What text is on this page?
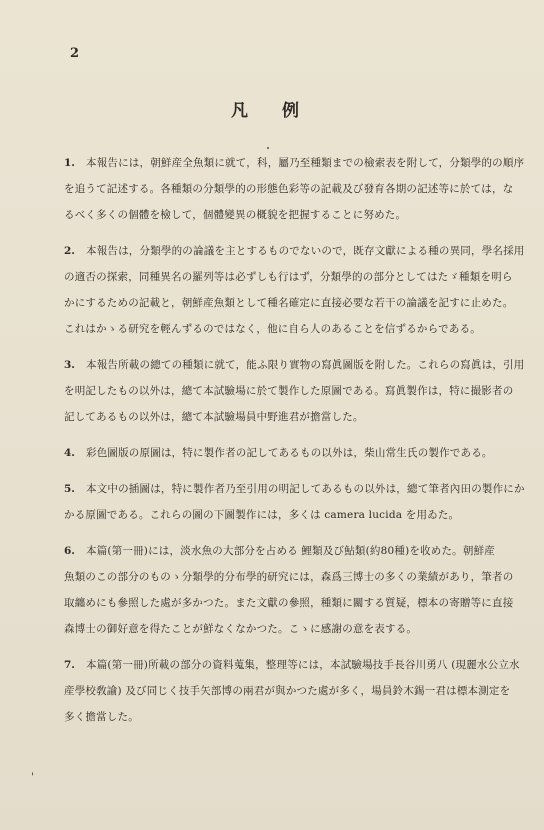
2
凡 例
1. 本報告には，朝鮮産全魚類に就て，科，屬乃至種類までの檢索表を附して，分類學的の順序
を追うて記述する。各種類の分類學的の形態色彩等の記載及び發育各期の記述等に於ては，な
るべく多くの個體を檢して，個體變異の概貌を把握することに努めた。
2. 本報告は，分類學的の論議を主とするものでないので，既存文獻による種の異同，學名採用
の適否の探索，同種異名の羅列等は必ずしも行はず，分類學的の部分としてはたゞ種類を明ら
かにするための記載と，朝鮮産魚類として種名確定に直接必要な若干の論議を記すに止めた。
これはかゝる研究を輕んずるのではなく，他に自ら人のあることを信ずるからである。
3. 本報告所載の總ての種類に就て，能ふ限り實物の寫眞圖版を附した。これらの寫眞は，引用
を明記したもの以外は，總て本試驗場に於て製作した原圖である。寫眞製作は，特に撮影者の
記してあるもの以外は，總て本試驗場員中野進君が擔當した。
4. 彩色圖版の原圖は，特に製作者の記してあるもの以外は，柴山常生氏の製作である。
5. 本文中の插圖は，特に製作者乃至引用の明記してあるもの以外は，總て筆者內田の製作にか
かる原圖である。これらの圖の下圖製作には，多くは camera lucida を用ゐた。
6. 本篇(第一冊)には，淡水魚の大部分を占める 鯉類及び鮎類(約80種)を收めた。朝鮮産
魚類のこの部分のものゝ分類學的分布學的研究には，森爲三博士の多くの業績があり，筆者の
取纏めにも參照した處が多かつた。また文獻の參照，種類に關する質疑，標本の寄贈等に直接
森博士の御好意を得たことが鮮なくなかつた。こゝに感謝の意を表する。
7. 本篇(第一冊)所載の部分の資料蒐集，整理等には，本試驗場技手長谷川勇八 (現麗水公立水
産學校敎諭) 及び同じく技手矢部博の兩君が與かつた處が多く，場員鈴木錫一君は標本測定を
多く擔當した。
'
